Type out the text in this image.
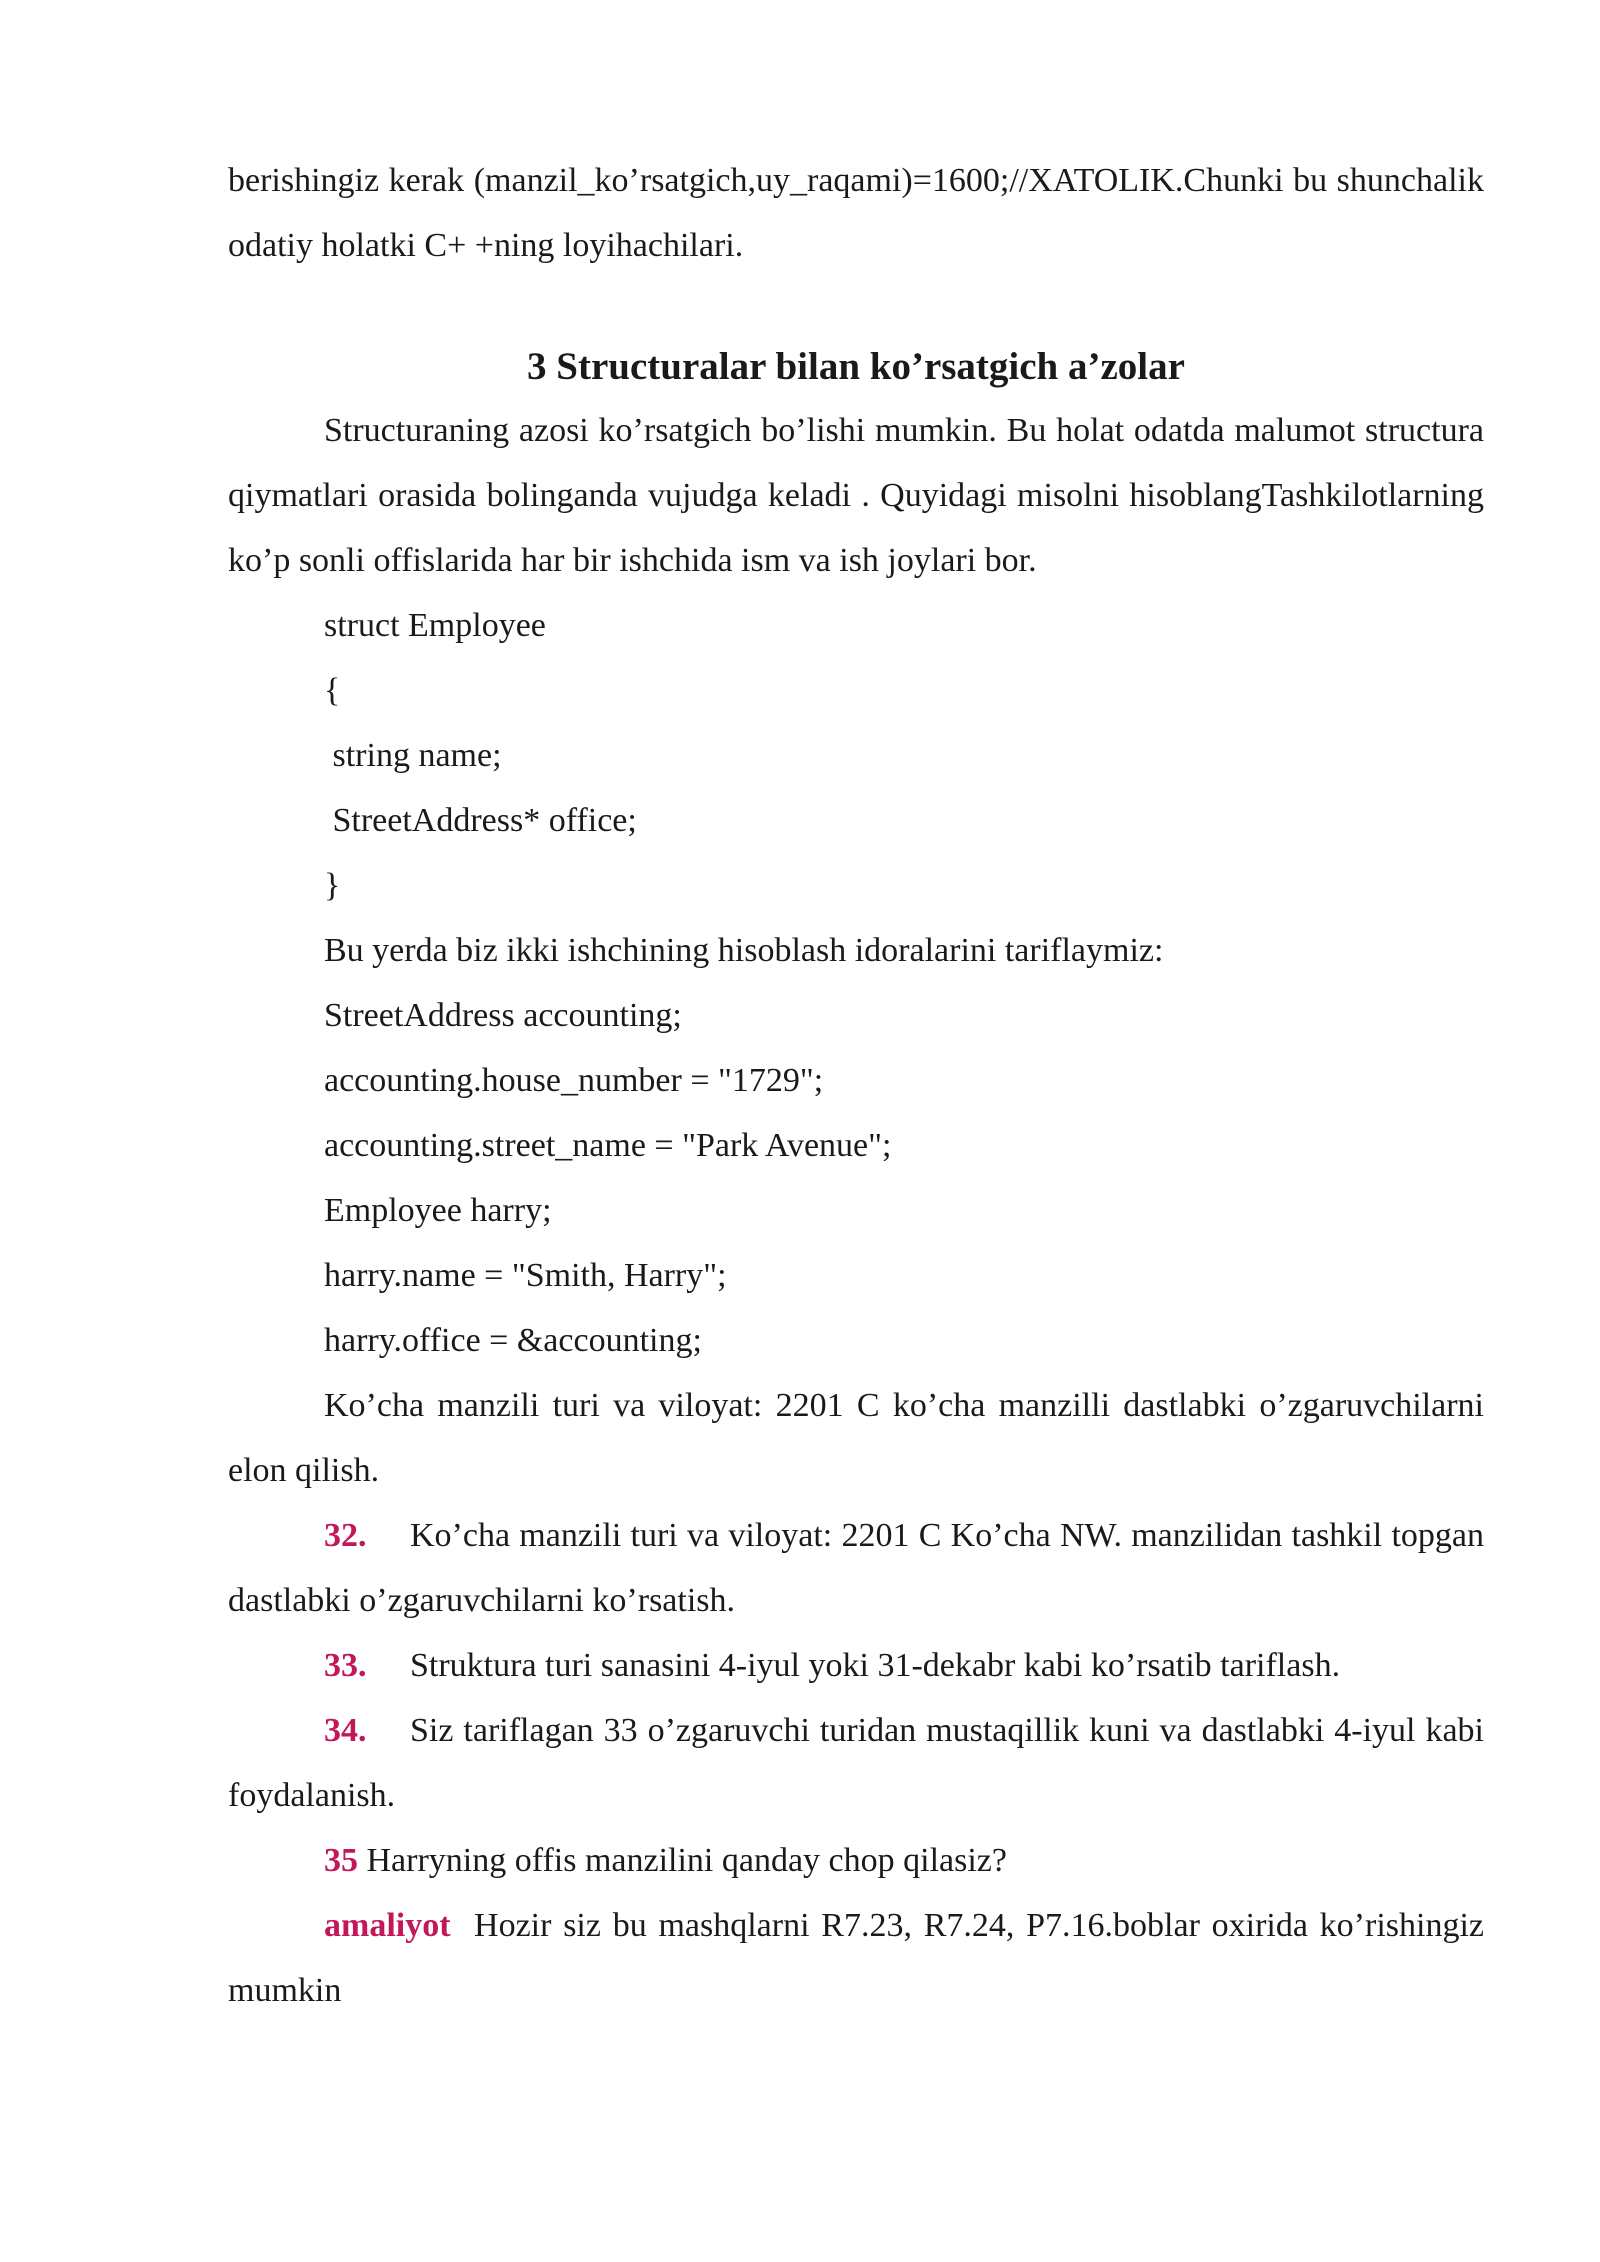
berishingiz kerak (manzil_ko’rsatgich,uy_raqami)=1600;//XATOLIK.Chunki bu shunchalik odatiy holatki C+ +ning loyihachilari.

3 Structuralar bilan ko’rsatgich a’zolar

Structuraning azosi ko’rsatgich bo’lishi mumkin. Bu holat odatda malumot structura qiymatlari orasida bolinganda vujudga keladi . Quyidagi misolni hisoblangTashkilotlarning ko’p sonli offislarida har bir ishchida ism va ish joylari bor.

struct Employee

{

string name;

StreetAddress* office;

}

Bu yerda biz ikki ishchining hisoblash idoralarini tariflaymiz:

StreetAddress accounting;

accounting.house_number = "1729";

accounting.street_name = "Park Avenue";

Employee harry;

harry.name = "Smith, Harry";

harry.office = &accounting;

Ko’cha manzili turi va viloyat: 2201 C ko’cha manzilli dastlabki o’zgaruvchilarni elon qilish.

32. Ko’cha manzili turi va viloyat: 2201 C Ko’cha NW. manzilidan tashkil topgan dastlabki o’zgaruvchilarni ko’rsatish.

33. Struktura turi sanasini 4-iyul yoki 31-dekabr kabi ko’rsatib tariflash.

34. Siz tariflagan 33 o’zgaruvchi turidan mustaqillik kuni va dastlabki 4-iyul kabi foydalanish.

35 Harryning offis manzilini qanday chop qilasiz?

amaliyot  Hozir siz bu mashqlarni R7.23, R7.24, P7.16.boblar oxirida ko’rishingiz mumkin
